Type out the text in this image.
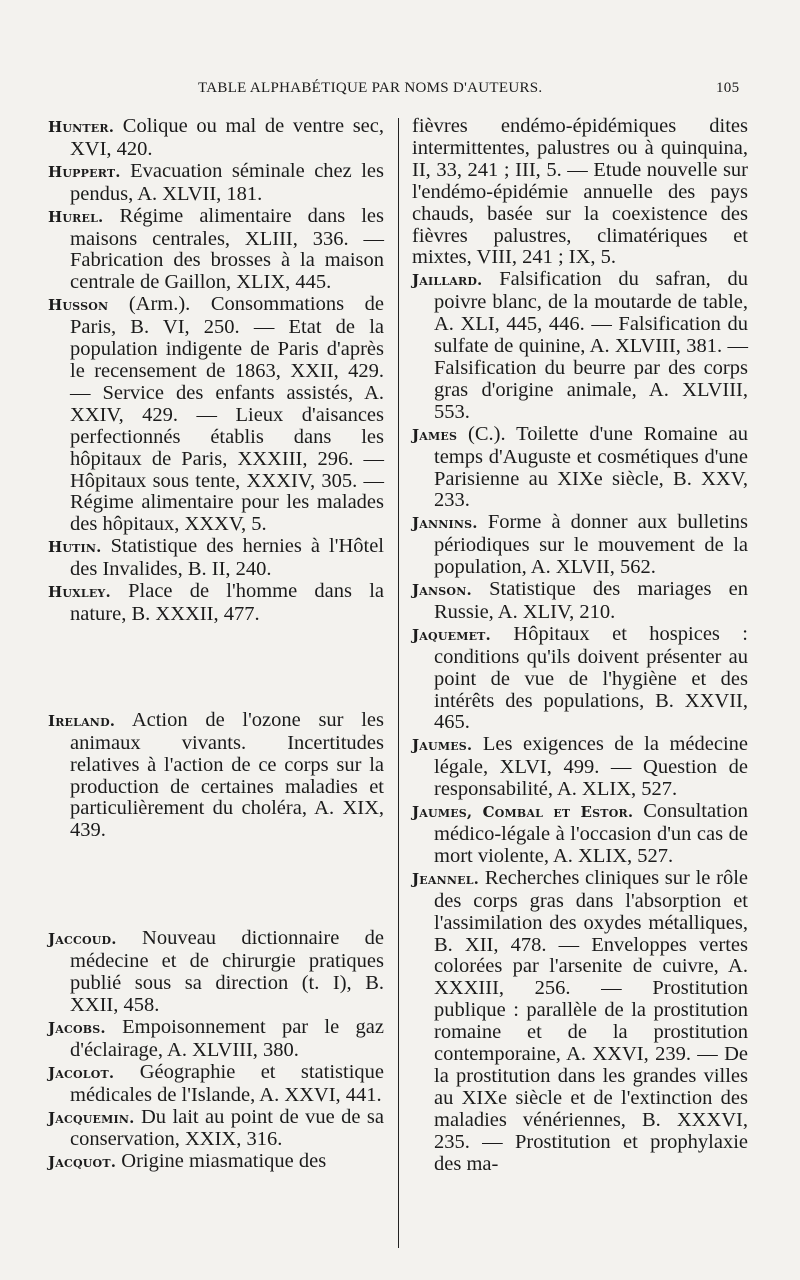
TABLE ALPHABÉTIQUE PAR NOMS D'AUTEURS.	105

Hunter. Colique ou mal de ventre sec, XVI, 420.

Huppert. Evacuation séminale chez les pendus, A. XLVII, 181.

Hurel. Régime alimentaire dans les maisons centrales, XLIII, 336. — Fabrication des brosses à la maison centrale de Gaillon, XLIX, 445.

Husson (Arm.). Consommations de Paris, B. VI, 250. — Etat de la population indigente de Paris d'après le recensement de 1863, XXII, 429. — Service des enfants assistés, A. XXIV, 429. — Lieux d'aisances perfectionnés établis dans les hôpitaux de Paris, XXXIII, 296. — Hôpitaux sous tente, XXXIV, 305. — Régime alimentaire pour les malades des hôpitaux, XXXV, 5.

Hutin. Statistique des hernies à l'Hôtel des Invalides, B. II, 240.

Huxley. Place de l'homme dans la nature, B. XXXII, 477.

Ireland. Action de l'ozone sur les animaux vivants. Incertitudes relatives à l'action de ce corps sur la production de certaines maladies et particulièrement du choléra, A. XIX, 439.

Jaccoud. Nouveau dictionnaire de médecine et de chirurgie pratiques publié sous sa direction (t. I), B. XXII, 458.

Jacobs. Empoisonnement par le gaz d'éclairage, A. XLVIII, 380.

Jacolot. Géographie et statistique médicales de l'Islande, A. XXVI, 441.

Jacquemin. Du lait au point de vue de sa conservation, XXIX, 316.

Jacquot. Origine miasmatique des

fièvres endémo-épidémiques dites intermittentes, palustres ou à quinquina, II, 33, 241 ; III, 5. — Etude nouvelle sur l'endémo-épidémie annuelle des pays chauds, basée sur la coexistence des fièvres palustres, climatériques et mixtes, VIII, 241 ; IX, 5.

Jaillard. Falsification du safran, du poivre blanc, de la moutarde de table, A. XLI, 445, 446. — Falsification du sulfate de quinine, A. XLVIII, 381. — Falsification du beurre par des corps gras d'origine animale, A. XLVIII, 553.

James (C.). Toilette d'une Romaine au temps d'Auguste et cosmétiques d'une Parisienne au XIXe siècle, B. XXV, 233.

Jannins. Forme à donner aux bulletins périodiques sur le mouvement de la population, A. XLVII, 562.

Janson. Statistique des mariages en Russie, A. XLIV, 210.

Jaquemet. Hôpitaux et hospices : conditions qu'ils doivent présenter au point de vue de l'hygiène et des intérêts des populations, B. XXVII, 465.

Jaumes. Les exigences de la médecine légale, XLVI, 499. — Question de responsabilité, A. XLIX, 527.

Jaumes, Combal et Estor. Consultation médico-légale à l'occasion d'un cas de mort violente, A. XLIX, 527.

Jeannel. Recherches cliniques sur le rôle des corps gras dans l'absorption et l'assimilation des oxydes métalliques, B. XII, 478. — Enveloppes vertes colorées par l'arsenite de cuivre, A. XXXIII, 256. — Prostitution publique : parallèle de la prostitution romaine et de la prostitution contemporaine, A. XXVI, 239. — De la prostitution dans les grandes villes au XIXe siècle et de l'extinction des maladies vénériennes, B. XXXVI, 235. — Prostitution et prophylaxie des ma-
